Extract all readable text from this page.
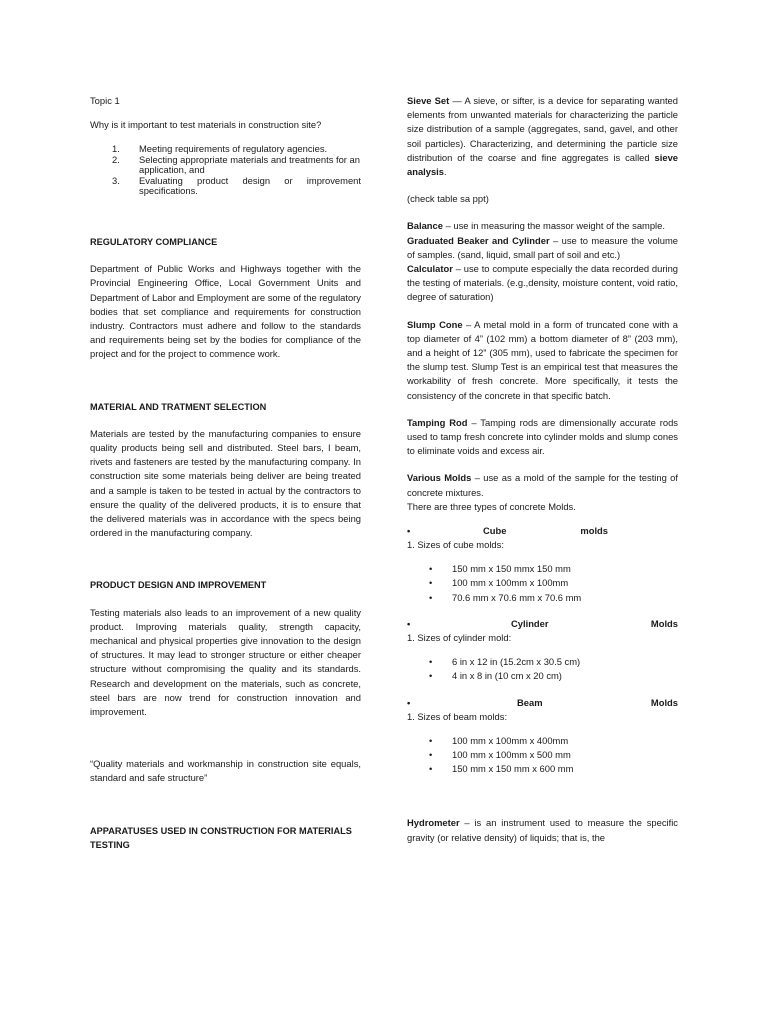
Topic 1

Why is it important to test materials in construction site?

1. Meeting requirements of regulatory agencies.
2. Selecting appropriate materials and treatments for an application, and
3. Evaluating product design or improvement specifications.

REGULATORY COMPLIANCE

Department of Public Works and Highways together with the Provincial Engineering Office, Local Government Units and Department of Labor and Employment are some of the regulatory bodies that set compliance and requirements for construction industry. Contractors must adhere and follow to the standards and requirements being set by the bodies for compliance of the project and for the project to commence work.

MATERIAL AND TRATMENT SELECTION

Materials are tested by the manufacturing companies to ensure quality products being sell and distributed. Steel bars, I beam, rivets and fasteners are tested by the manufacturing company. In construction site some materials being deliver are being treated and a sample is taken to be tested in actual by the contractors to ensure the quality of the delivered products, it is to ensure that the delivered materials was in accordance with the specs being ordered in the manufacturing company.

PRODUCT DESIGN AND IMPROVEMENT

Testing materials also leads to an improvement of a new quality product. Improving materials quality, strength capacity, mechanical and physical properties give innovation to the design of structures. It may lead to stronger structure or either cheaper structure without compromising the quality and its standards. Research and development on the materials, such as concrete, steel bars are now trend for construction innovation and improvement.

“Quality materials and workmanship in construction site equals, standard and safe structure”

APPARATUSES USED IN CONSTRUCTION FOR MATERIALS TESTING

Sieve Set — A sieve, or sifter, is a device for separating wanted elements from unwanted materials for characterizing the particle size distribution of a sample (aggregates, sand, gavel, and other soil particles). Characterizing, and determining the particle size distribution of the coarse and fine aggregates is called sieve analysis.

(check table sa ppt)

Balance – use in measuring the massor weight of the sample.

Graduated Beaker and Cylinder – use to measure the volume of samples. (sand, liquid, small part of soil and etc.)

Calculator – use to compute especially the data recorded during the testing of materials. (e.g.,density, moisture content, void ratio, degree of saturation)

Slump Cone – A metal mold in a form of truncated cone with a top diameter of 4” (102 mm) a bottom diameter of 8” (203 mm), and a height of 12” (305 mm), used to fabricate the specimen for the slump test. Slump Test is an empirical test that measures the workability of fresh concrete. More specifically, it tests the consistency of the concrete in that specific batch.

Tamping Rod – Tamping rods are dimensionally accurate rods used to tamp fresh concrete into cylinder molds and slump cones to eliminate voids and excess air.

Various Molds – use as a mold of the sample for the testing of concrete mixtures.

There are three types of concrete Molds.

•	Cube	molds

1. Sizes of cube molds:

• 150 mm x 150 mmx 150 mm
• 100 mm x 100mm x 100mm
• 70.6 mm x 70.6 mm x 70.6 mm
•	Cylinder	Molds

1. Sizes of cylinder mold:

• 6 in x 12 in (15.2cm x 30.5 cm)
• 4 in x 8 in (10 cm x 20 cm)
•	Beam	Molds

1. Sizes of beam molds:

• 100 mm x 100mm x 400mm
• 100 mm x 100mm x 500 mm
• 150 mm x 150 mm x 600 mm

Hydrometer – is an instrument used to measure the specific gravity (or relative density) of liquids; that is, the
